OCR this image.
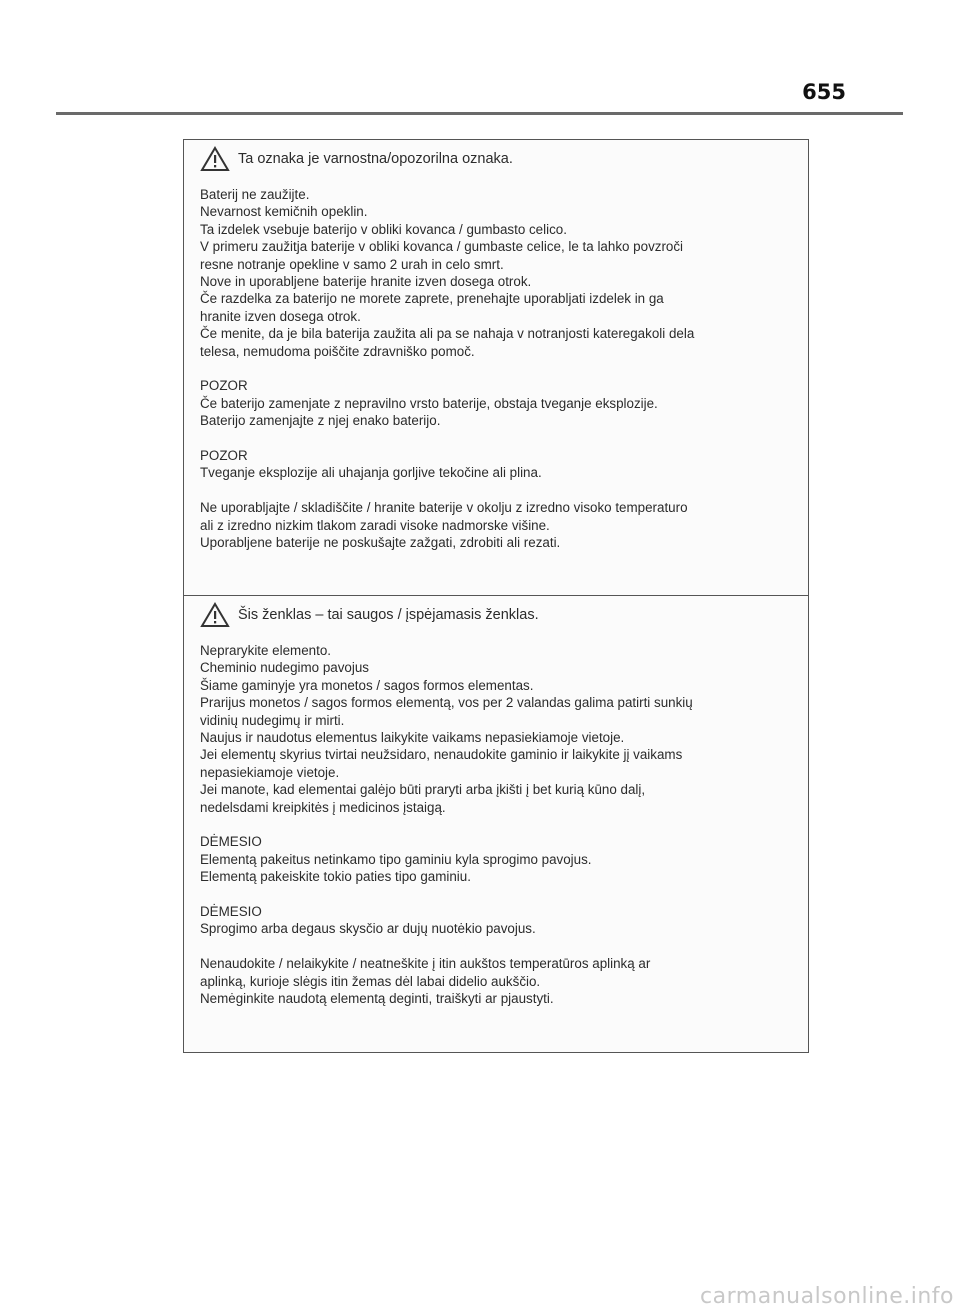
655
Ta oznaka je varnostna/opozorilna oznaka.
Baterij ne zaužijte.
Nevarnost kemičnih opeklin.
Ta izdelek vsebuje baterijo v obliki kovanca / gumbasto celico.
V primeru zaužitja baterije v obliki kovanca / gumbaste celice, le ta lahko povzroči
resne notranje opekline v samo 2 urah in celo smrt.
Nove in uporabljene baterije hranite izven dosega otrok.
Če razdelka za baterijo ne morete zaprete, prenehajte uporabljati izdelek in ga
hranite izven dosega otrok.
Če menite, da je bila baterija zaužita ali pa se nahaja v notranjosti kateregakoli dela
telesa, nemudoma poiščite zdravniško pomoč.
POZOR
Če baterijo zamenjate z nepravilno vrsto baterije, obstaja tveganje eksplozije.
Baterijo zamenjajte z njej enako baterijo.
POZOR
Tveganje eksplozije ali uhajanja gorljive tekočine ali plina.
Ne uporabljajte / skladiščite / hranite baterije v okolju z izredno visoko temperaturo
ali z izredno nizkim tlakom zaradi visoke nadmorske višine.
Uporabljene baterije ne poskušajte zažgati, zdrobiti ali rezati.
Šis ženklas – tai saugos / įspėjamasis ženklas.
Neprarykite elemento.
Cheminio nudegimo pavojus
Šiame gaminyje yra monetos / sagos formos elementas.
Prarijus monetos / sagos formos elementą, vos per 2 valandas galima patirti sunkių
vidinių nudegimų ir mirti.
Naujus ir naudotus elementus laikykite vaikams nepasiekiamoje vietoje.
Jei elementų skyrius tvirtai neužsidaro, nenaudokite gaminio ir laikykite jį vaikams
nepasiekiamoje vietoje.
Jei manote, kad elementai galėjo būti praryti arba įkišti į bet kurią kūno dalį,
nedelsdami kreipkitės į medicinos įstaigą.
DĖMESIO
Elementą pakeitus netinkamo tipo gaminiu kyla sprogimo pavojus.
Elementą pakeiskite tokio paties tipo gaminiu.
DĖMESIO
Sprogimo arba degaus skysčio ar dujų nuotėkio pavojus.
Nenaudokite / nelaikykite / neatneškite į itin aukštos temperatūros aplinką ar
aplinką, kurioje slėgis itin žemas dėl labai didelio aukščio.
Nemėginkite naudotą elementą deginti, traiškyti ar pjaustyti.
carmanualsonline.info
